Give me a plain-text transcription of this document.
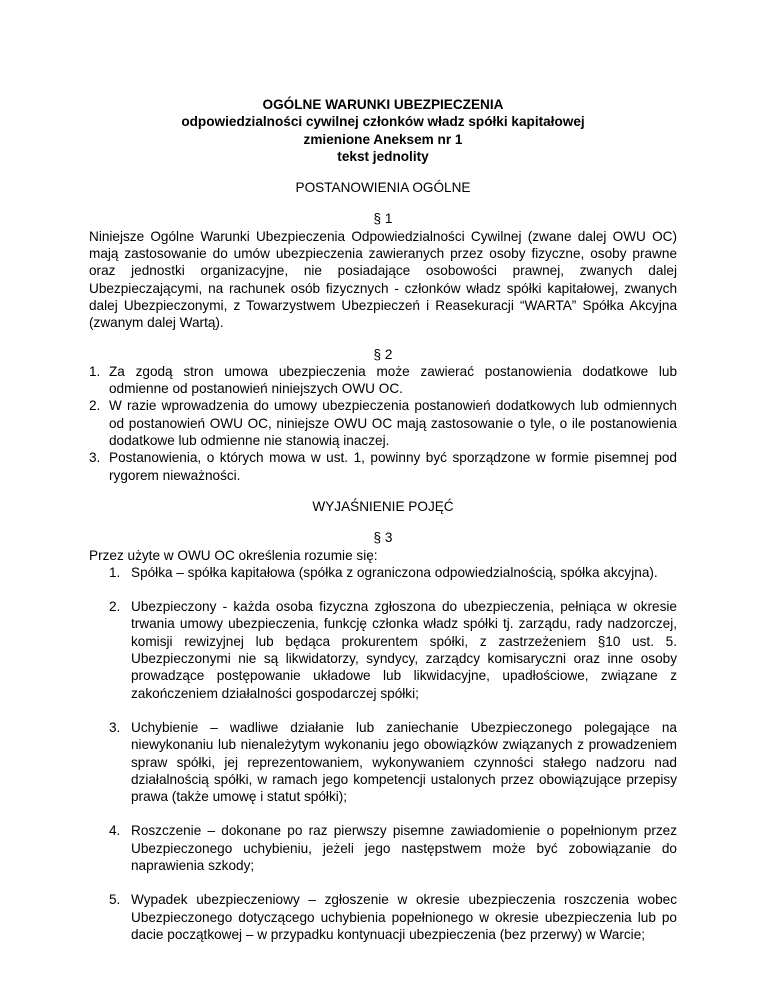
OGÓLNE WARUNKI UBEZPIECZENIA
odpowiedzialności cywilnej członków władz spółki kapitałowej
zmienione Aneksem nr 1
tekst jednolity
POSTANOWIENIA OGÓLNE
§ 1
Niniejsze Ogólne Warunki Ubezpieczenia Odpowiedzialności Cywilnej (zwane dalej OWU OC) mają zastosowanie do umów ubezpieczenia zawieranych przez osoby fizyczne, osoby prawne oraz jednostki organizacyjne, nie posiadające osobowości prawnej, zwanych dalej Ubezpieczającymi, na rachunek osób fizycznych - członków władz spółki kapitałowej, zwanych dalej Ubezpieczonymi, z Towarzystwem Ubezpieczeń i Reasekuracji “WARTA” Spółka Akcyjna (zwanym dalej Wartą).
§ 2
1. Za zgodą stron umowa ubezpieczenia może zawierać postanowienia dodatkowe lub odmienne od postanowień niniejszych OWU OC.
2. W razie wprowadzenia do umowy ubezpieczenia postanowień dodatkowych lub odmiennych od postanowień OWU OC, niniejsze OWU OC mają zastosowanie o tyle, o ile postanowienia dodatkowe lub odmienne nie stanowią inaczej.
3. Postanowienia, o których mowa w ust. 1, powinny być sporządzone w formie pisemnej pod rygorem nieważności.
WYJAŚNIENIE POJĘĆ
§ 3
Przez użyte w OWU OC określenia rozumie się:
1. Spółka – spółka kapitałowa (spółka z ograniczona odpowiedzialnością, spółka akcyjna).
2. Ubezpieczony - każda osoba fizyczna zgłoszona do ubezpieczenia, pełniąca w okresie trwania umowy ubezpieczenia, funkcję członka władz spółki tj. zarządu, rady nadzorczej, komisji rewizyjnej lub będąca prokurentem spółki, z zastrzeżeniem §10 ust. 5. Ubezpieczonymi nie są likwidatorzy, syndycy, zarządcy komisaryczni oraz inne osoby prowadzące postępowanie układowe lub likwidacyjne, upadłościowe, związane z zakończeniem działalności gospodarczej spółki;
3. Uchybienie – wadliwe działanie lub zaniechanie Ubezpieczonego polegające na niewykonaniu lub nienależytym wykonaniu jego obowiązków związanych z prowadzeniem spraw spółki, jej reprezentowaniem, wykonywaniem czynności stałego nadzoru nad działalnością spółki, w ramach jego kompetencji ustalonych przez obowiązujące przepisy prawa (także umowę i statut spółki);
4. Roszczenie – dokonane po raz pierwszy pisemne zawiadomienie o popełnionym przez Ubezpieczonego uchybieniu, jeżeli jego następstwem może być zobowiązanie do naprawienia szkody;
5. Wypadek ubezpieczeniowy – zgłoszenie w okresie ubezpieczenia roszczenia wobec Ubezpieczonego dotyczącego uchybienia popełnionego w okresie ubezpieczenia lub po dacie początkowej – w przypadku kontynuacji ubezpieczenia (bez przerwy) w Warcie;
